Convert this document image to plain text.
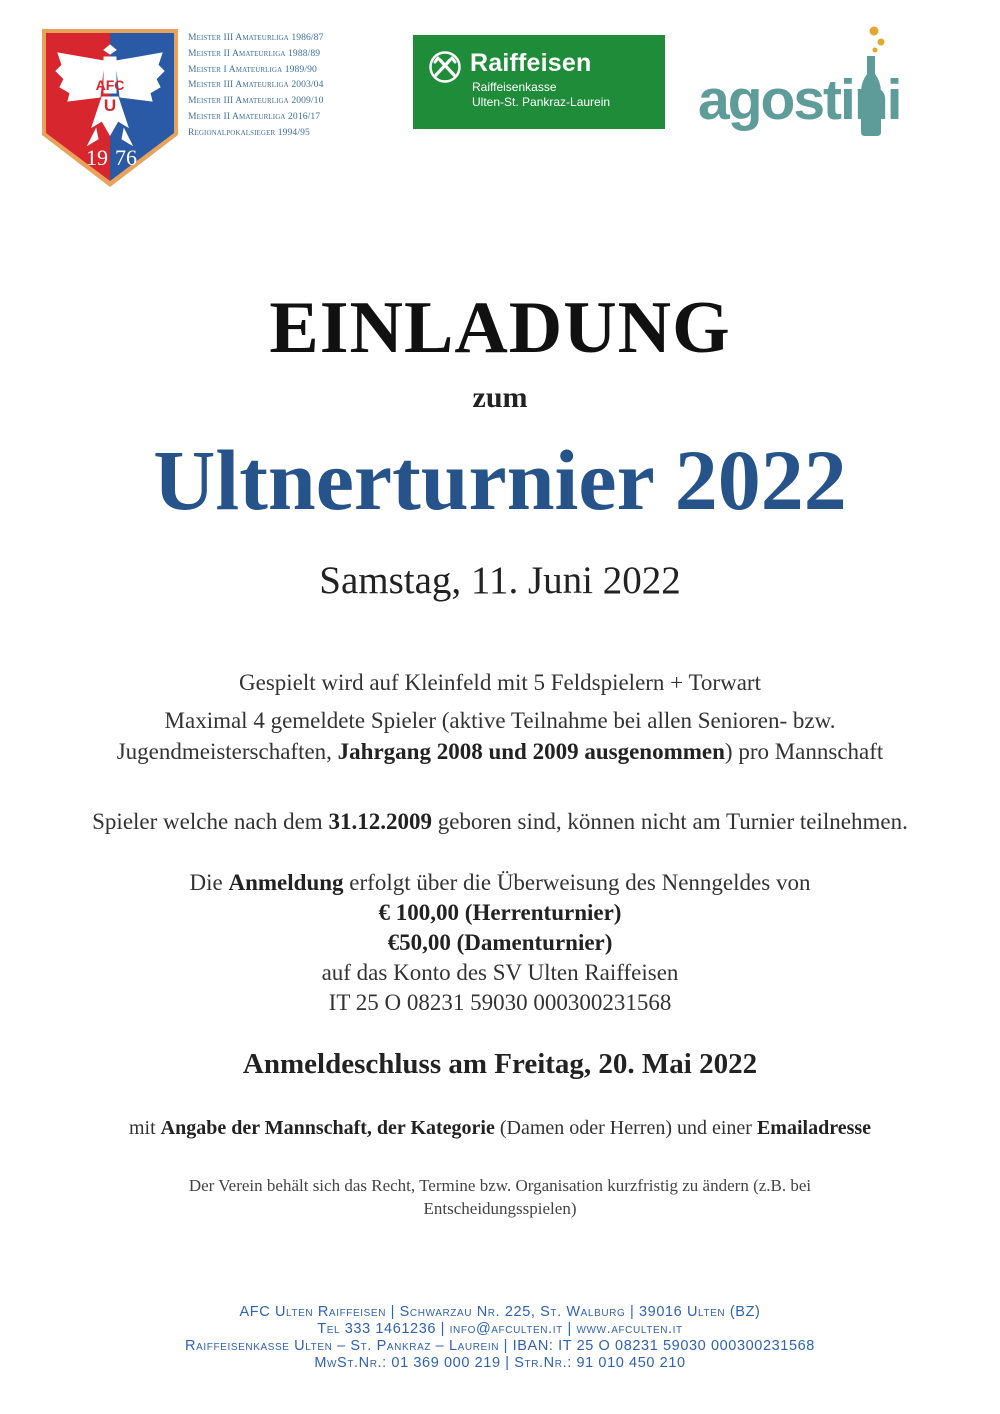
AFC
U
19 76
Meister III Amateurliga 1986/87
Meister II Amateurliga 1988/89
Meister I Amateurliga 1989/90
Meister III Amateurliga 2003/04
Meister III Amateurliga 2009/10
Meister II Amateurliga 2016/17
Regionalpokalsieger 1994/95
Raiffeisen
Raiffeisenkasse
Ulten-St. Pankraz-Laurein agostini
EINLADUNG
zum
Ultnerturnier 2022
Samstag, 11. Juni 2022
Gespielt wird auf Kleinfeld mit 5 Feldspielern + Torwart
Maximal 4 gemeldete Spieler (aktive Teilnahme bei allen Senioren- bzw.
Jugendmeisterschaften, Jahrgang 2008 und 2009 ausgenommen) pro Mannschaft
Spieler welche nach dem 31.12.2009 geboren sind, können nicht am Turnier teilnehmen.
Die Anmeldung erfolgt über die Überweisung des Nenngeldes von
€ 100,00 (Herrenturnier)
€50,00 (Damenturnier)
auf das Konto des SV Ulten Raiffeisen
IT 25 O 08231 59030 000300231568
Anmeldeschluss am Freitag, 20. Mai 2022
mit Angabe der Mannschaft, der Kategorie (Damen oder Herren) und einer Emailadresse
Der Verein behält sich das Recht, Termine bzw. Organisation kurzfristig zu ändern (z.B. bei Entscheidungsspielen)
AFC Ulten Raiffeisen | Schwarzau Nr. 225, St. Walburg | 39016 Ulten (BZ)
Tel 333 1461236 | info@afculten.it | www.afculten.it
Raiffeisenkasse Ulten – St. Pankraz – Laurein | IBAN: IT 25 O 08231 59030 000300231568
MwSt.Nr.: 01 369 000 219 | Str.Nr.: 91 010 450 210
